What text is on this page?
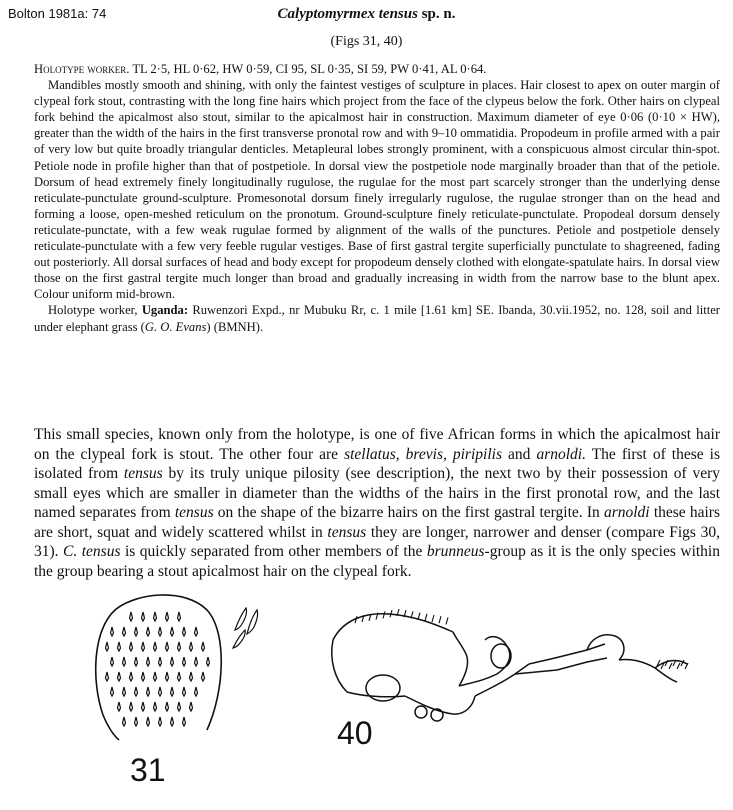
Bolton 1981a: 74	Calyptomyrmex tensus sp. n.
(Figs 31, 40)

Holotype worker. TL 2·5, HL 0·62, HW 0·59, CI 95, SL 0·35, SI 59, PW 0·41, AL 0·64.

Mandibles mostly smooth and shining, with only the faintest vestiges of sculpture in places. Hair closest to apex on outer margin of clypeal fork stout, contrasting with the long fine hairs which project from the face of the clypeus below the fork. Other hairs on clypeal fork behind the apicalmost also stout, similar to the apicalmost hair in construction. Maximum diameter of eye 0·06 (0·10 × HW), greater than the width of the hairs in the first transverse pronotal row and with 9–10 ommatidia. Propodeum in profile armed with a pair of very low but quite broadly triangular denticles. Metapleural lobes strongly prominent, with a conspicuous almost circular thin-spot. Petiole node in profile higher than that of postpetiole. In dorsal view the postpetiole node marginally broader than that of the petiole. Dorsum of head extremely finely longitudinally rugulose, the rugulae for the most part scarcely stronger than the underlying dense reticulate-punctulate ground-sculpture. Promesonotal dorsum finely irregularly rugulose, the rugulae stronger than on the head and forming a loose, open-meshed reticulum on the pronotum. Ground-sculpture finely reticulate-punctulate. Propodeal dorsum densely reticulate-punctate, with a few weak rugulae formed by alignment of the walls of the punctures. Petiole and postpetiole densely reticulate-punctulate with a few very feeble rugular vestiges. Base of first gastral tergite superficially punctulate to shagreened, fading out posteriorly. All dorsal surfaces of head and body except for propodeum densely clothed with elongate-spatulate hairs. In dorsal view those on the first gastral tergite much longer than broad and gradually increasing in width from the narrow base to the blunt apex. Colour uniform mid-brown.

Holotype worker, Uganda: Ruwenzori Expd., nr Mubuku Rr, c. 1 mile [1.61 km] SE. Ibanda, 30.vii.1952, no. 128, soil and litter under elephant grass (G. O. Evans) (BMNH).

This small species, known only from the holotype, is one of five African forms in which the apicalmost hair on the clypeal fork is stout. The other four are stellatus, brevis, piripilis and arnoldi. The first of these is isolated from tensus by its truly unique pilosity (see description), the next two by their possession of very small eyes which are smaller in diameter than the widths of the hairs in the first pronotal row, and the last named separates from tensus on the shape of the bizarre hairs on the first gastral tergite. In arnoldi these hairs are short, squat and widely scattered whilst in tensus they are longer, narrower and denser (compare Figs 30, 31). C. tensus is quickly separated from other members of the brunneus-group as it is the only species within the group bearing a stout apicalmost hair on the clypeal fork.
31
40
